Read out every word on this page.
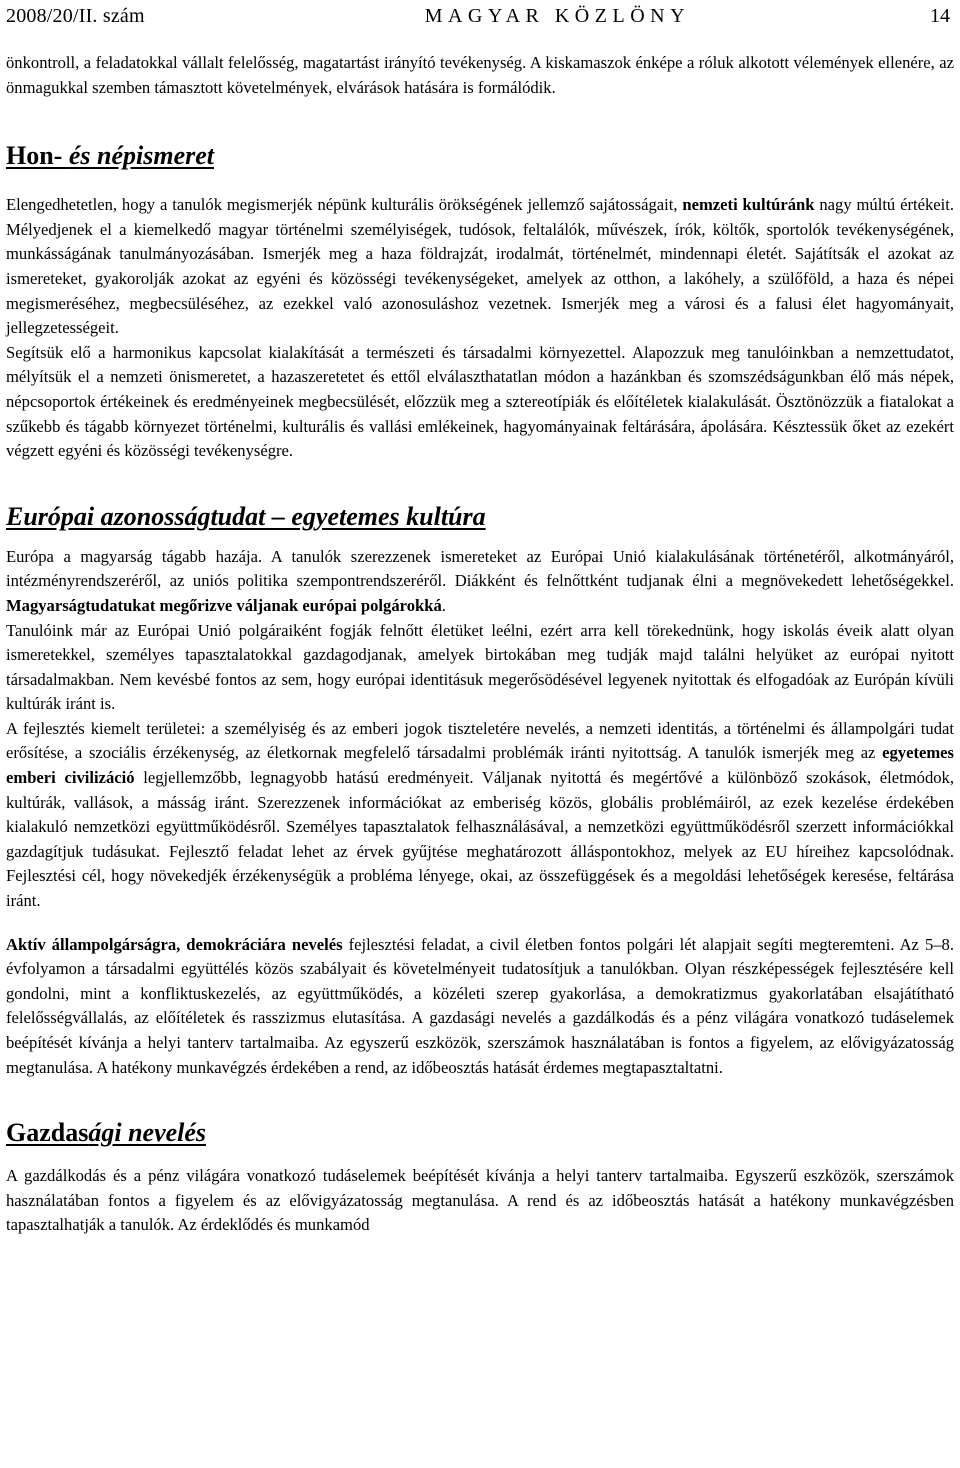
2008/20/II. szám	MAGYAR KÖZLÖNY	14

önkontroll, a feladatokkal vállalt felelősség, magatartást irányító tevékenység. A kiskamaszok énképe a róluk alkotott vélemények ellenére, az önmagukkal szemben támasztott követelmények, elvárások hatására is formálódik.

Hon- és népismeret

Elengedhetetlen, hogy a tanulók megismerjék népünk kulturális örökségének jellemző sajátosságait, nemzeti kultúránk nagy múltú értékeit. Mélyedjenek el a kiemelkedő magyar történelmi személyiségek, tudósok, feltalálók, művészek, írók, költők, sportolók tevékenységének, munkásságának tanulmányozásában. Ismerjék meg a haza földrajzát, irodalmát, történelmét, mindennapi életét. Sajátítsák el azokat az ismereteket, gyakorolják azokat az egyéni és közösségi tevékenységeket, amelyek az otthon, a lakóhely, a szülőföld, a haza és népei megismeréséhez, megbecsüléséhez, az ezekkel való azonosuláshoz vezetnek. Ismerjék meg a városi és a falusi élet hagyományait, jellegzetességeit.

Segítsük elő a harmonikus kapcsolat kialakítását a természeti és társadalmi környezettel. Alapozzuk meg tanulóinkban a nemzettudatot, mélyítsük el a nemzeti önismeretet, a hazaszeretetet és ettől elválaszthatatlan módon a hazánkban és szomszédságunkban élő más népek, népcsoportok értékeinek és eredményeinek megbecsülését, előzzük meg a sztereotípiák és előítéletek kialakulását. Ösztönözzük a fiatalokat a szűkebb és tágabb környezet történelmi, kulturális és vallási emlékeinek, hagyományainak feltárására, ápolására. Késztessük őket az ezekért végzett egyéni és közösségi tevékenységre.

Európai azonosságtudat – egyetemes kultúra

Európa a magyarság tágabb hazája. A tanulók szerezzenek ismereteket az Európai Unió kialakulásának történetéről, alkotmányáról, intézményrendszeréről, az uniós politika szempontrendszeréről. Diákként és felnőttként tudjanak élni a megnövekedett lehetőségekkel. Magyarságtudatukat megőrizve váljanak európai polgárokká.

Tanulóink már az Európai Unió polgáraiként fogják felnőtt életüket leélni, ezért arra kell törekednünk, hogy iskolás éveik alatt olyan ismeretekkel, személyes tapasztalatokkal gazdagodjanak, amelyek birtokában meg tudják majd találni helyüket az európai nyitott társadalmakban. Nem kevésbé fontos az sem, hogy európai identitásuk megerősödésével legyenek nyitottak és elfogadóak az Európán kívüli kultúrák iránt is.

A fejlesztés kiemelt területei: a személyiség és az emberi jogok tiszteletére nevelés, a nemzeti identitás, a történelmi és állampolgári tudat erősítése, a szociális érzékenység, az életkornak megfelelő társadalmi problémák iránti nyitottság. A tanulók ismerjék meg az egyetemes emberi civilizáció legjellemzőbb, legnagyobb hatású eredményeit. Váljanak nyitottá és megértővé a különböző szokások, életmódok, kultúrák, vallások, a másság iránt. Szerezzenek információkat az emberiség közös, globális problémáiról, az ezek kezelése érdekében kialakuló nemzetközi együttműködésről. Személyes tapasztalatok felhasználásával, a nemzetközi együttműködésről szerzett információkkal gazdagítjuk tudásukat. Fejlesztő feladat lehet az érvek gyűjtése meghatározott álláspontokhoz, melyek az EU híreihez kapcsolódnak. Fejlesztési cél, hogy növekedjék érzékenységük a probléma lényege, okai, az összefüggések és a megoldási lehetőségek keresése, feltárása iránt.

Aktív állampolgárságra, demokráciára nevelés fejlesztési feladat, a civil életben fontos polgári lét alapjait segíti megteremteni. Az 5–8. évfolyamon a társadalmi együttélés közös szabályait és követelményeit tudatosítjuk a tanulókban. Olyan részképességek fejlesztésére kell gondolni, mint a konfliktuskezelés, az együttműködés, a közéleti szerep gyakorlása, a demokratizmus gyakorlatában elsajátítható felelősségvállalás, az előítéletek és rasszizmus elutasítása. A gazdasági nevelés a gazdálkodás és a pénz világára vonatkozó tudáselemek beépítését kívánja a helyi tanterv tartalmaiba. Az egyszerű eszközök, szerszámok használatában is fontos a figyelem, az elővigyázatosság megtanulása. A hatékony munkavégzés érdekében a rend, az időbeosztás hatását érdemes megtapasztaltatni.

Gazdasági nevelés

A gazdálkodás és a pénz világára vonatkozó tudáselemek beépítését kívánja a helyi tanterv tartalmaiba. Egyszerű eszközök, szerszámok használatában fontos a figyelem és az elővigyázatosság megtanulása. A rend és az időbeosztás hatását a hatékony munkavégzésben tapasztalhatják a tanulók. Az érdeklődés és munkamód
